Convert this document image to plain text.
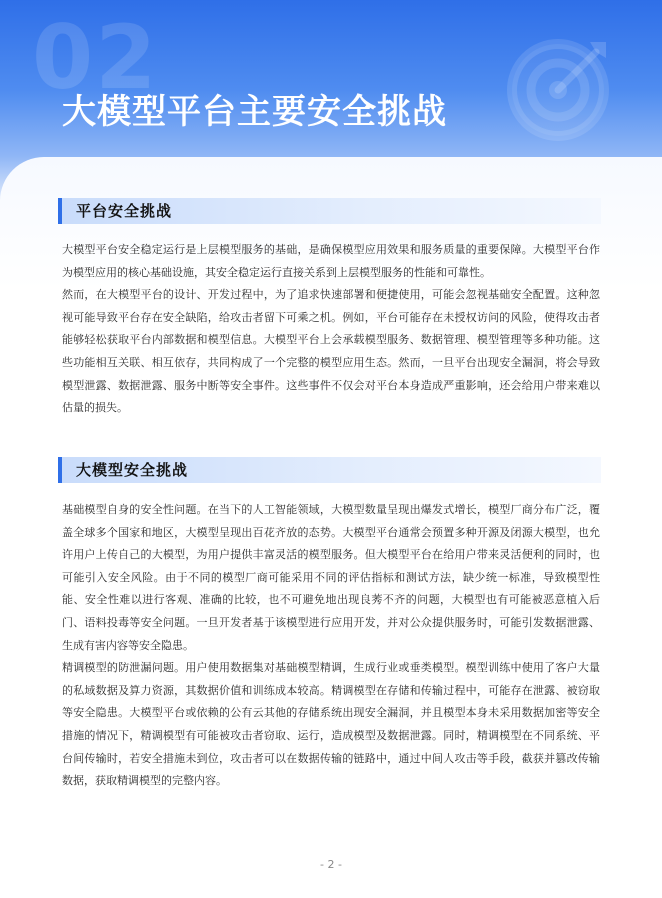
02
大模型平台主要安全挑战
平台安全挑战

大模型平台安全稳定运行是上层模型服务的基础，是确保模型应用效果和服务质量的重要保障。大模型平台作为模型应用的核心基础设施，其安全稳定运行直接关系到上层模型服务的性能和可靠性。

然而，在大模型平台的设计、开发过程中，为了追求快速部署和便捷使用，可能会忽视基础安全配置。这种忽视可能导致平台存在安全缺陷，给攻击者留下可乘之机。例如，平台可能存在未授权访问的风险，使得攻击者能够轻松获取平台内部数据和模型信息。大模型平台上会承载模型服务、数据管理、模型管理等多种功能。这些功能相互关联、相互依存，共同构成了一个完整的模型应用生态。然而，一旦平台出现安全漏洞，将会导致模型泄露、数据泄露、服务中断等安全事件。这些事件不仅会对平台本身造成严重影响，还会给用户带来难以估量的损失。

大模型安全挑战

基础模型自身的安全性问题。在当下的人工智能领域，大模型数量呈现出爆发式增长，模型厂商分布广泛，覆盖全球多个国家和地区，大模型呈现出百花齐放的态势。大模型平台通常会预置多种开源及闭源大模型，也允许用户上传自己的大模型，为用户提供丰富灵活的模型服务。但大模型平台在给用户带来灵活便利的同时，也可能引入安全风险。由于不同的模型厂商可能采用不同的评估指标和测试方法，缺少统一标准，导致模型性能、安全性难以进行客观、准确的比较，也不可避免地出现良莠不齐的问题，大模型也有可能被恶意植入后门、语料投毒等安全问题。一旦开发者基于该模型进行应用开发，并对公众提供服务时，可能引发数据泄露、生成有害内容等安全隐患。

精调模型的防泄漏问题。用户使用数据集对基础模型精调，生成行业或垂类模型。模型训练中使用了客户大量的私域数据及算力资源，其数据价值和训练成本较高。精调模型在存储和传输过程中，可能存在泄露、被窃取等安全隐患。大模型平台或依赖的公有云其他的存储系统出现安全漏洞，并且模型本身未采用数据加密等安全措施的情况下，精调模型有可能被攻击者窃取、运行，造成模型及数据泄露。同时，精调模型在不同系统、平台间传输时，若安全措施未到位，攻击者可以在数据传输的链路中，通过中间人攻击等手段，截获并篡改传输数据，获取精调模型的完整内容。

- 2 -
